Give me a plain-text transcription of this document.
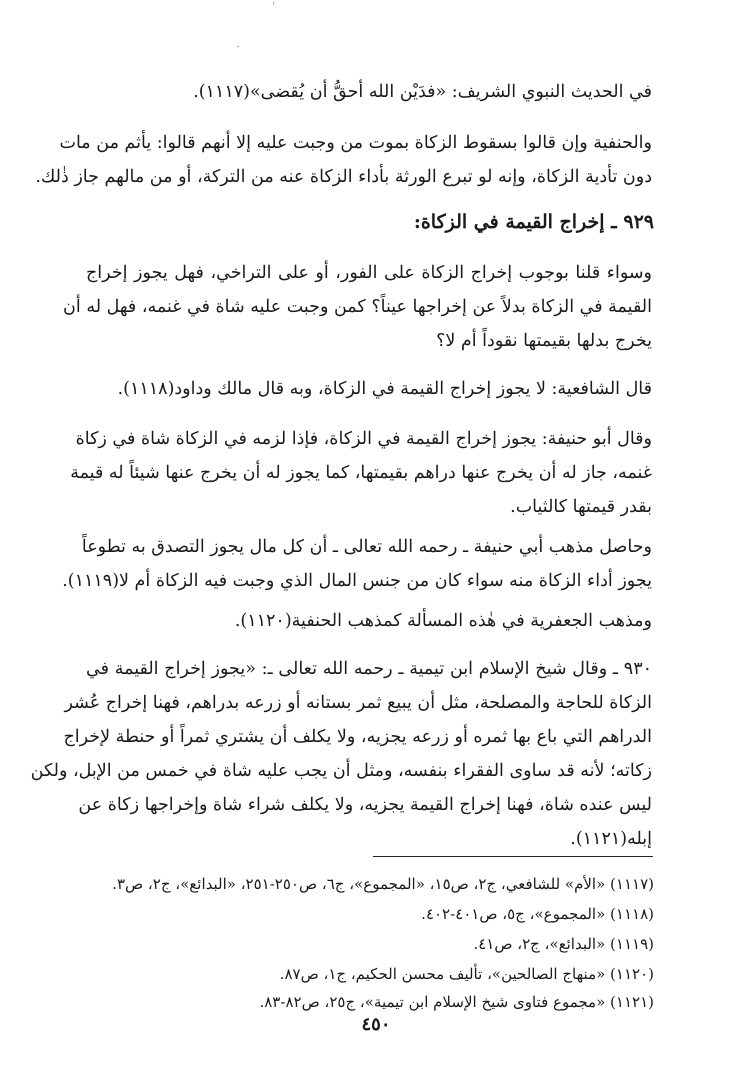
ˈ
·
في الحديث النبوي الشريف: «فدَيْن الله أحقُّ أن يُقضى»(١١١٧).
والحنفية وإن قالوا بسقوط الزكاة بموت من وجبت عليه إلا أنهم قالوا: يأثم من مات
دون تأدية الزكاة، وإنه لو تبرع الورثة بأداء الزكاة عنه من التركة، أو من مالهم جاز ذٰلك.
٩٢٩ ـ إخراج القيمة في الزكاة:
وسواء قلنا بوجوب إخراج الزكاة على الفور، أو على التراخي، فهل يجوز إخراج
القيمة في الزكاة بدلاً عن إخراجها عيناً؟ كمن وجبت عليه شاة في غنمه، فهل له أن
يخرج بدلها بقيمتها نقوداً أم لا؟
قال الشافعية: لا يجوز إخراج القيمة في الزكاة، وبه قال مالك وداود(١١١٨).
وقال أبو حنيفة: يجوز إخراج القيمة في الزكاة، فإذا لزمه في الزكاة شاة في زكاة
غنمه، جاز له أن يخرج عنها دراهم بقيمتها، كما يجوز له أن يخرج عنها شيئاً له قيمة
بقدر قيمتها كالثياب.
وحاصل مذهب أبي حنيفة ـ رحمه الله تعالى ـ أن كل مال يجوز التصدق به تطوعاً
يجوز أداء الزكاة منه سواء كان من جنس المال الذي وجبت فيه الزكاة أم لا(١١١٩).
ومذهب الجعفرية في هٰذه المسألة كمذهب الحنفية(١١٢٠).
٩٣٠ ـ وقال شيخ الإسلام ابن تيمية ـ رحمه الله تعالى ـ: «يجوز إخراج القيمة في
الزكاة للحاجة والمصلحة، مثل أن يبيع ثمر بستانه أو زرعه بدراهم، فهنا إخراج عُشر
الدراهم التي باع بها ثمره أو زرعه يجزيه، ولا يكلف أن يشتري ثمراً أو حنطة لإخراج
زكاته؛ لأنه قد ساوى الفقراء بنفسه، ومثل أن يجب عليه شاة في خمس من الإبل، ولكن
ليس عنده شاة، فهنا إخراج القيمة يجزيه، ولا يكلف شراء شاة وإخراجها زكاة عن
إبله(١١٢١).
(١١١٧) «الأم» للشافعي، ج٢، ص١٥، «المجموع»، ج٦، ص٢٥٠-٢٥١، «البدائع»، ج٢، ص٣.
(١١١٨) «المجموع»، ج٥، ص٤٠١-٤٠٢.
(١١١٩) «البدائع»، ج٢، ص٤١.
(١١٢٠) «منهاج الصالحين»، تأليف محسن الحكيم، ج١، ص٨٧.
(١١٢١) «مجموع فتاوى شيخ الإسلام ابن تيمية»، ج٢٥، ص٨٢-٨٣.
٤٥٠
